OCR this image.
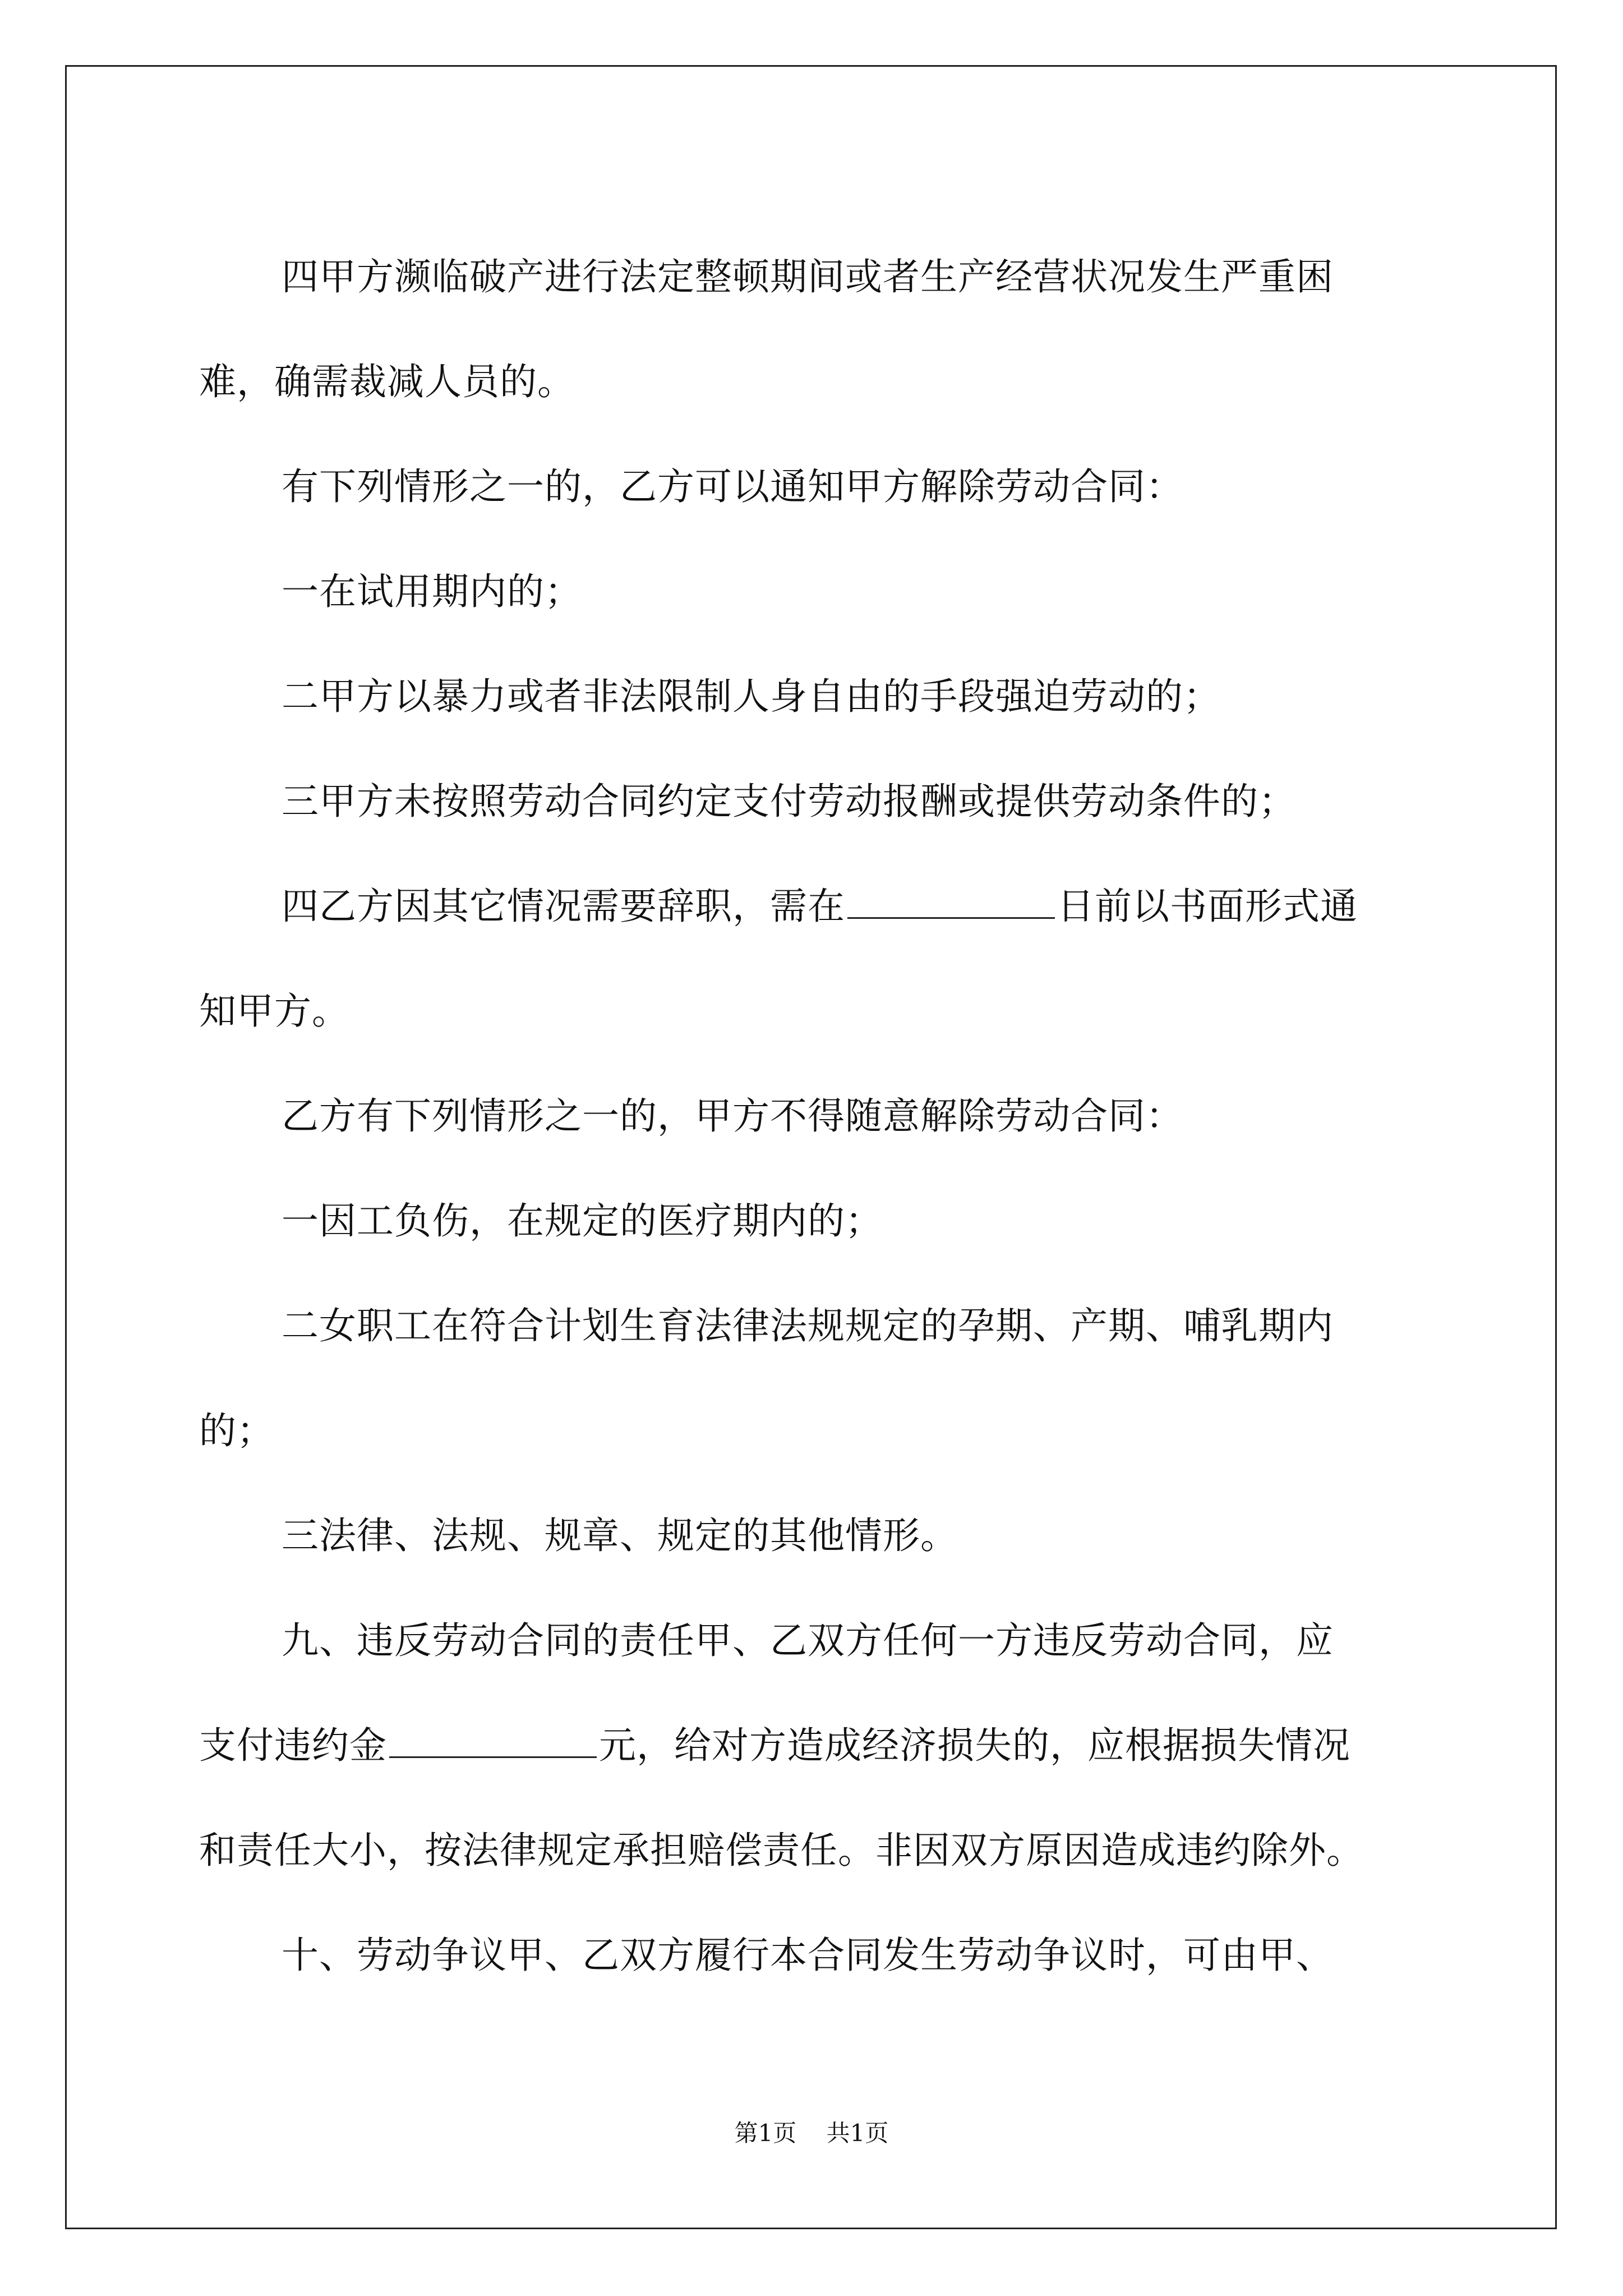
四甲方濒临破产进行法定整顿期间或者生产经营状况发生严重困

难，确需裁减人员的。

有下列情形之一的，乙方可以通知甲方解除劳动合同：

一在试用期内的；

二甲方以暴力或者非法限制人身自由的手段强迫劳动的；

三甲方未按照劳动合同约定支付劳动报酬或提供劳动条件的；

四乙方因其它情况需要辞职，需在	日前以书面形式通

知甲方。

乙方有下列情形之一的，甲方不得随意解除劳动合同：

一因工负伤，在规定的医疗期内的；

二女职工在符合计划生育法律法规规定的孕期、产期、哺乳期内

的；

三法律、法规、规章、规定的其他情形。

九、违反劳动合同的责任甲、乙双方任何一方违反劳动合同，应

支付违约金	元，给对方造成经济损失的，应根据损失情况

和责任大小，按法律规定承担赔偿责任。非因双方原因造成违约除外。

十、劳动争议甲、乙双方履行本合同发生劳动争议时，可由甲、

第1页 共1页
